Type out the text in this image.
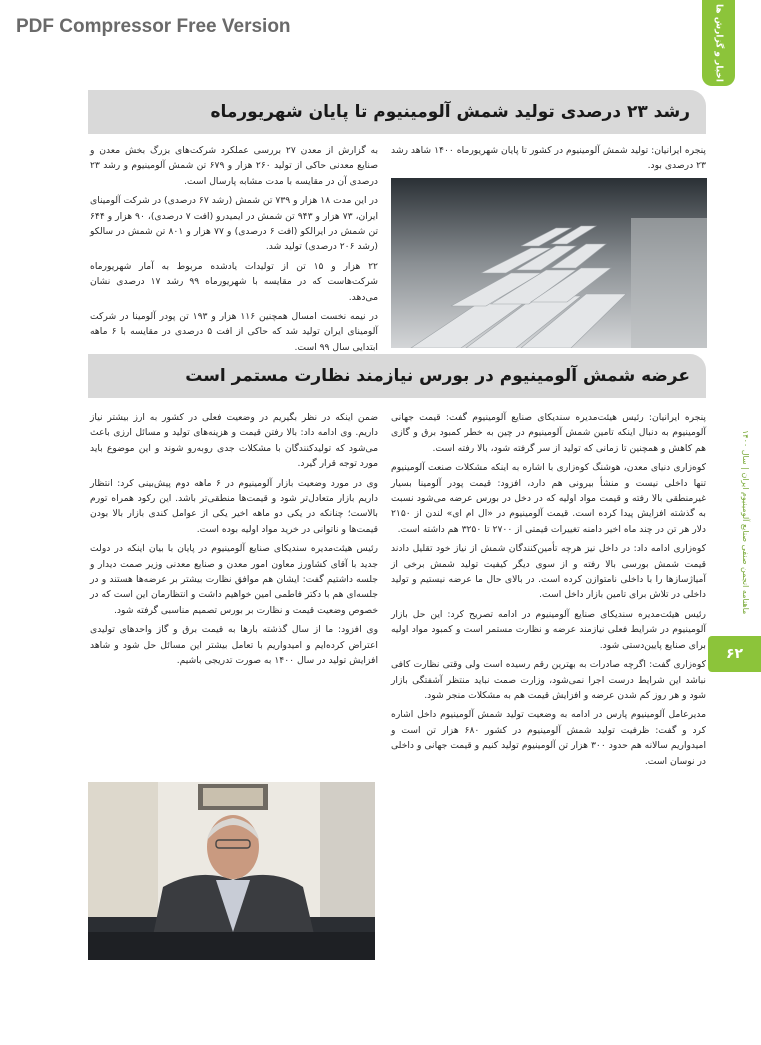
PDF Compressor Free Version	اخبار و گزارش ها
ماهنامه انجمن صنفی صنایع آلومینیوم ایران | سال ۱۴۰۰
۶۲
رشد ۲۳ درصدی تولید شمش آلومینیوم تا پایان شهریورماه

پنجره ایرانیان: تولید شمش آلومینیوم در کشور تا پایان شهریورماه ۱۴۰۰ شاهد رشد ۲۳ درصدی بود.

به گزارش از معدن ۲۷ بررسی عملکرد شرکت‌های بزرگ بخش معدن و صنایع معدنی حاکی از تولید ۲۶۰ هزار و ۶۷۹ تن شمش آلومینیوم و رشد ۲۳ درصدی آن در مقایسه با مدت مشابه پارسال است.

در این مدت ۱۸ هزار و ۷۳۹ تن شمش (رشد ۶۷ درصدی) در شرکت آلومینای ایران، ۷۳ هزار و ۹۴۳ تن شمش در ایمیدرو (افت ۷ درصدی)، ۹۰ هزار و ۶۴۴ تن شمش در ایرالکو (افت ۶ درصدی) و ۷۷ هزار و ۸۰۱ تن شمش در سالکو (رشد ۲۰۶ درصدی) تولید شد.

۲۲ هزار و ۱۵ تن از تولیدات یادشده مربوط به آمار شهریورماه شرکت‌هاست که در مقایسه با شهریورماه ۹۹ رشد ۱۷ درصدی نشان می‌دهد.

در نیمه نخست امسال همچنین ۱۱۶ هزار و ۱۹۳ تن پودر آلومینا در شرکت آلومینای ایران تولید شد که حاکی از افت ۵ درصدی در مقایسه با ۶ ماهه ابتدایی سال ۹۹ است.

عرضه شمش آلومینیوم در بورس نیازمند نظارت مستمر است

پنجره ایرانیان: رئیس هیئت‌مدیره سندیکای صنایع آلومینیوم گفت: قیمت جهانی آلومینیوم به دنبال اینکه تامین شمش آلومینیوم در چین به خطر کمبود برق و گازی هم کاهش و همچنین تا زمانی که تولید از سر گرفته شود، بالا رفته است.

کوه‌زاری دنیای معدن، هوشنگ کوه‌زاری با اشاره به اینکه مشکلات صنعت آلومینیوم تنها داخلی نیست و منشأ بیرونی هم دارد، افزود: قیمت پودر آلومینا بسیار غیرمنطقی بالا رفته و قیمت مواد اولیه که در دخل در بورس عرضه می‌شود نسبت به گذشته افزایش پیدا کرده است. قیمت آلومینیوم در «ال ام ای» لندن از ۲۱۵۰ دلار هر تن در چند ماه اخیر دامنه تغییرات قیمتی از ۲۷۰۰ تا ۳۲۵۰ هم داشته است.

کوه‌زاری ادامه داد: در داخل نیز هرچه تأمین‌کنندگان شمش از نیاز خود تقلیل دادند قیمت شمش بورسی بالا رفته و از سوی دیگر کیفیت تولید شمش برخی از آمیاژسازها را با داخلی نامتوازن کرده است. در بالای حال ما عرضه نیستیم و تولید داخلی در تلاش برای تامین بازار داخل است.

رئیس هیئت‌مدیره سندیکای صنایع آلومینیوم در ادامه تصریح کرد: این حل بازار آلومینیوم در شرایط فعلی نیازمند عرضه و نظارت مستمر است و کمبود مواد اولیه برای صنایع پایین‌دستی شود.

کوه‌زاری گفت: اگرچه صادرات به بهترین رقم رسیده است ولی وقتی نظارت کافی نباشد این شرایط درست اجرا نمی‌شود، وزارت صمت نباید منتظر آشفتگی بازار شود و هر روز کم شدن عرضه و افزایش قیمت هم به مشکلات منجر شود.

مدیرعامل آلومینیوم پارس در ادامه به وضعیت تولید شمش آلومینیوم داخل اشاره کرد و گفت: ظرفیت تولید شمش آلومینیوم در کشور ۶۸۰ هزار تن است و امیدواریم سالانه هم حدود ۳۰۰ هزار تن آلومینیوم تولید کنیم و قیمت جهانی و داخلی در نوسان است.

ضمن اینکه در نظر بگیریم در وضعیت فعلی در کشور به ارز بیشتر نیاز داریم. وی ادامه داد: بالا رفتن قیمت و هزینه‌های تولید و مسائل ارزی باعث می‌شود که تولیدکنندگان با مشکلات جدی روبه‌رو شوند و این موضوع باید مورد توجه قرار گیرد.

وی در مورد وضعیت بازار آلومینیوم در ۶ ماهه دوم پیش‌بینی کرد: انتظار داریم بازار متعادل‌تر شود و قیمت‌ها منطقی‌تر باشد. این رکود همراه تورم بالاست؛ چنانکه در یکی دو ماهه اخیر یکی از عوامل کندی بازار بالا بودن قیمت‌ها و ناتوانی در خرید مواد اولیه بوده است.

رئیس هیئت‌مدیره سندیکای صنایع آلومینیوم در پایان با بیان اینکه در دولت جدید با آقای کشاورز معاون امور معدن و صنایع معدنی وزیر صمت دیدار و جلسه داشتیم گفت: ایشان هم موافق نظارت بیشتر بر عرضه‌ها هستند و در جلسه‌ای هم با دکتر فاطمی امین خواهیم داشت و انتظارمان این است که در خصوص وضعیت قیمت و نظارت بر بورس تصمیم مناسبی گرفته شود.

وی افزود: ما از سال گذشته بارها به قیمت برق و گاز واحدهای تولیدی اعتراض کرده‌ایم و امیدواریم با تعامل بیشتر این مسائل حل شود و شاهد افزایش تولید در سال ۱۴۰۰ به صورت تدریجی باشیم.
